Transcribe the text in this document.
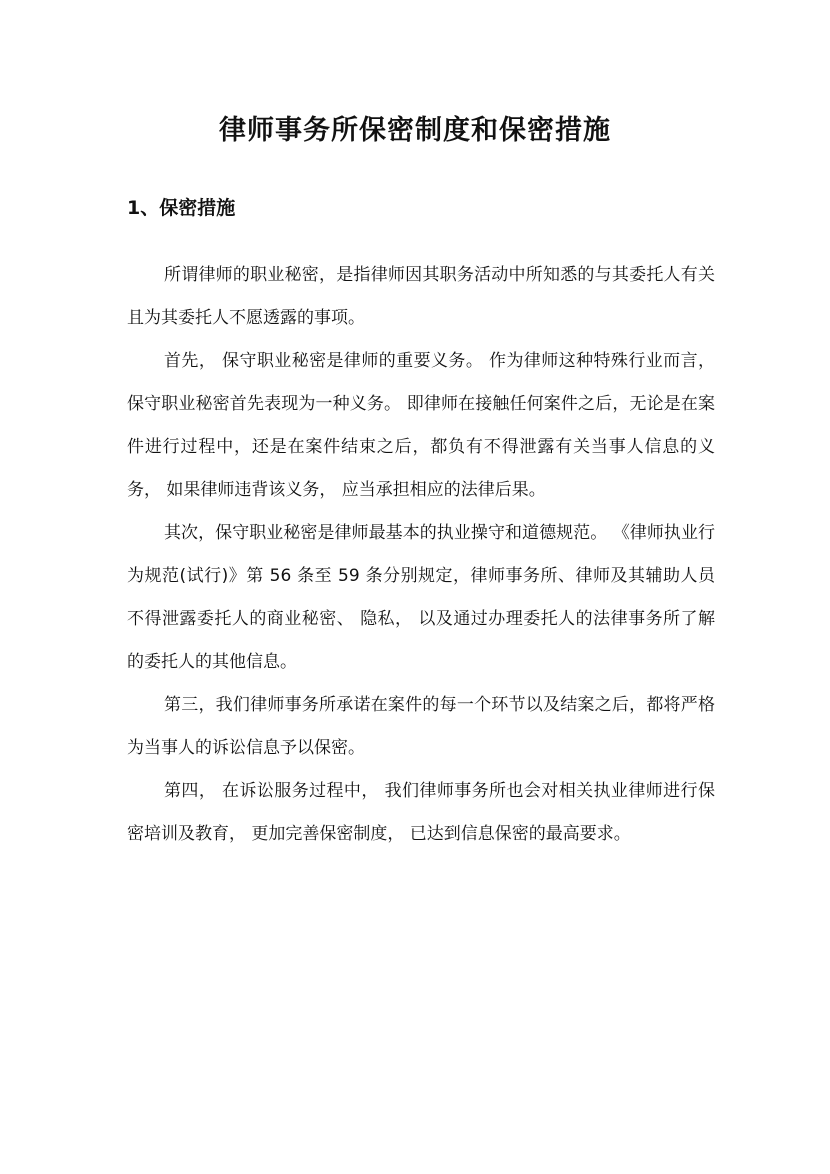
律师事务所保密制度和保密措施
1、保密措施

所谓律师的职业秘密，是指律师因其职务活动中所知悉的与其委托人有关且为其委托人不愿透露的事项。

首先， 保守职业秘密是律师的重要义务。 作为律师这种特殊行业而言， 保守职业秘密首先表现为一种义务。 即律师在接触任何案件之后，无论是在案件进行过程中，还是在案件结束之后，都负有不得泄露有关当事人信息的义务， 如果律师违背该义务， 应当承担相应的法律后果。

其次，保守职业秘密是律师最基本的执业操守和道德规范。 《律师执业行为规范(试行)》第 56 条至 59 条分别规定，律师事务所、律师及其辅助人员不得泄露委托人的商业秘密、 隐私， 以及通过办理委托人的法律事务所了解的委托人的其他信息。

第三，我们律师事务所承诺在案件的每一个环节以及结案之后，都将严格为当事人的诉讼信息予以保密。

第四， 在诉讼服务过程中， 我们律师事务所也会对相关执业律师进行保密培训及教育， 更加完善保密制度， 已达到信息保密的最高要求。
